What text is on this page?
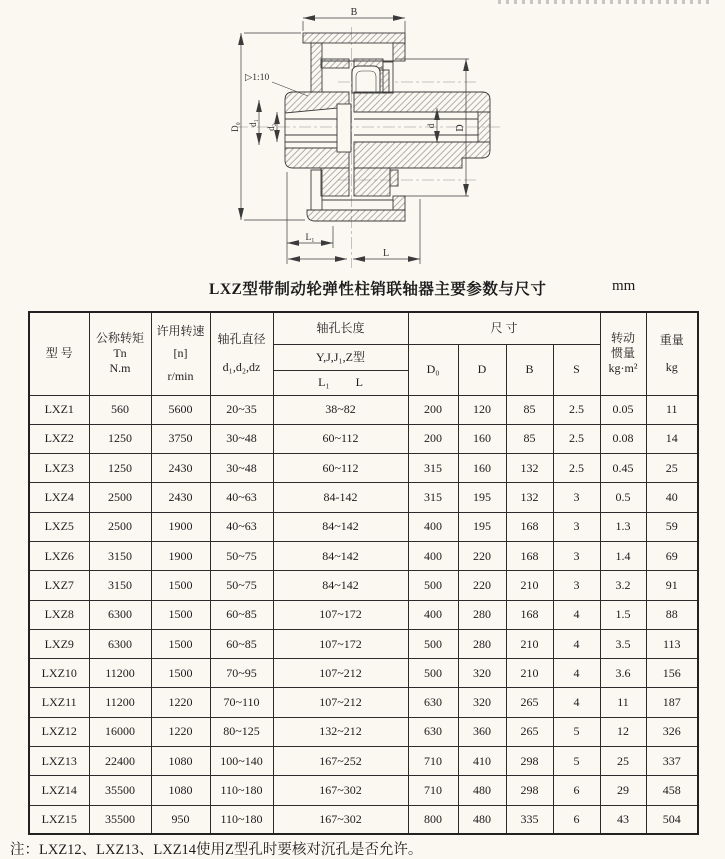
B
▷1:10
D₀ d₁
d₂	d D
L₁
L
LXZ型带制动轮弹性柱销联轴器主要参数与尺寸	mm
型 号	公称转矩Tn
N.m	许用转速
[n]
r/min	轴孔直径
d₁,d₂,dz	轴孔长度	尺 寸				转动
惯量
kg·m²	重量
kg

				Y,J,J₁,Z型	D₀	D	B	S		

				L₁ L						

LXZ1	560	5600	20~35	38~82	200	120	85	2.5	0.05	11
LXZ2	1250	3750	30~48	60~112	200	160	85	2.5	0.08	14
LXZ3	1250	2430	30~48	60~112	315	160	132	2.5	0.45	25
LXZ4	2500	2430	40~63	84-142	315	195	132	3	0.5	40
LXZ5	2500	1900	40~63	84~142	400	195	168	3	1.3	59
LXZ6	3150	1900	50~75	84~142	400	220	168	3	1.4	69
LXZ7	3150	1500	50~75	84~142	500	220	210	3	3.2	91
LXZ8	6300	1500	60~85	107~172	400	280	168	4	1.5	88
LXZ9	6300	1500	60~85	107~172	500	280	210	4	3.5	113
LXZ10	11200	1500	70~95	107~212	500	320	210	4	3.6	156
LXZ11	11200	1220	70~110	107~212	630	320	265	4	11	187
LXZ12	16000	1220	80~125	132~212	630	360	265	5	12	326
LXZ13	22400	1080	100~140	167~252	710	410	298	5	25	337
LXZ14	35500	1080	110~180	167~302	710	480	298	6	29	458
LXZ15	35500	950	110~180	167~302	800	480	335	6	43	504
注：LXZ12、LXZ13、LXZ14使用Z型孔时要核对沉孔是否允许。
